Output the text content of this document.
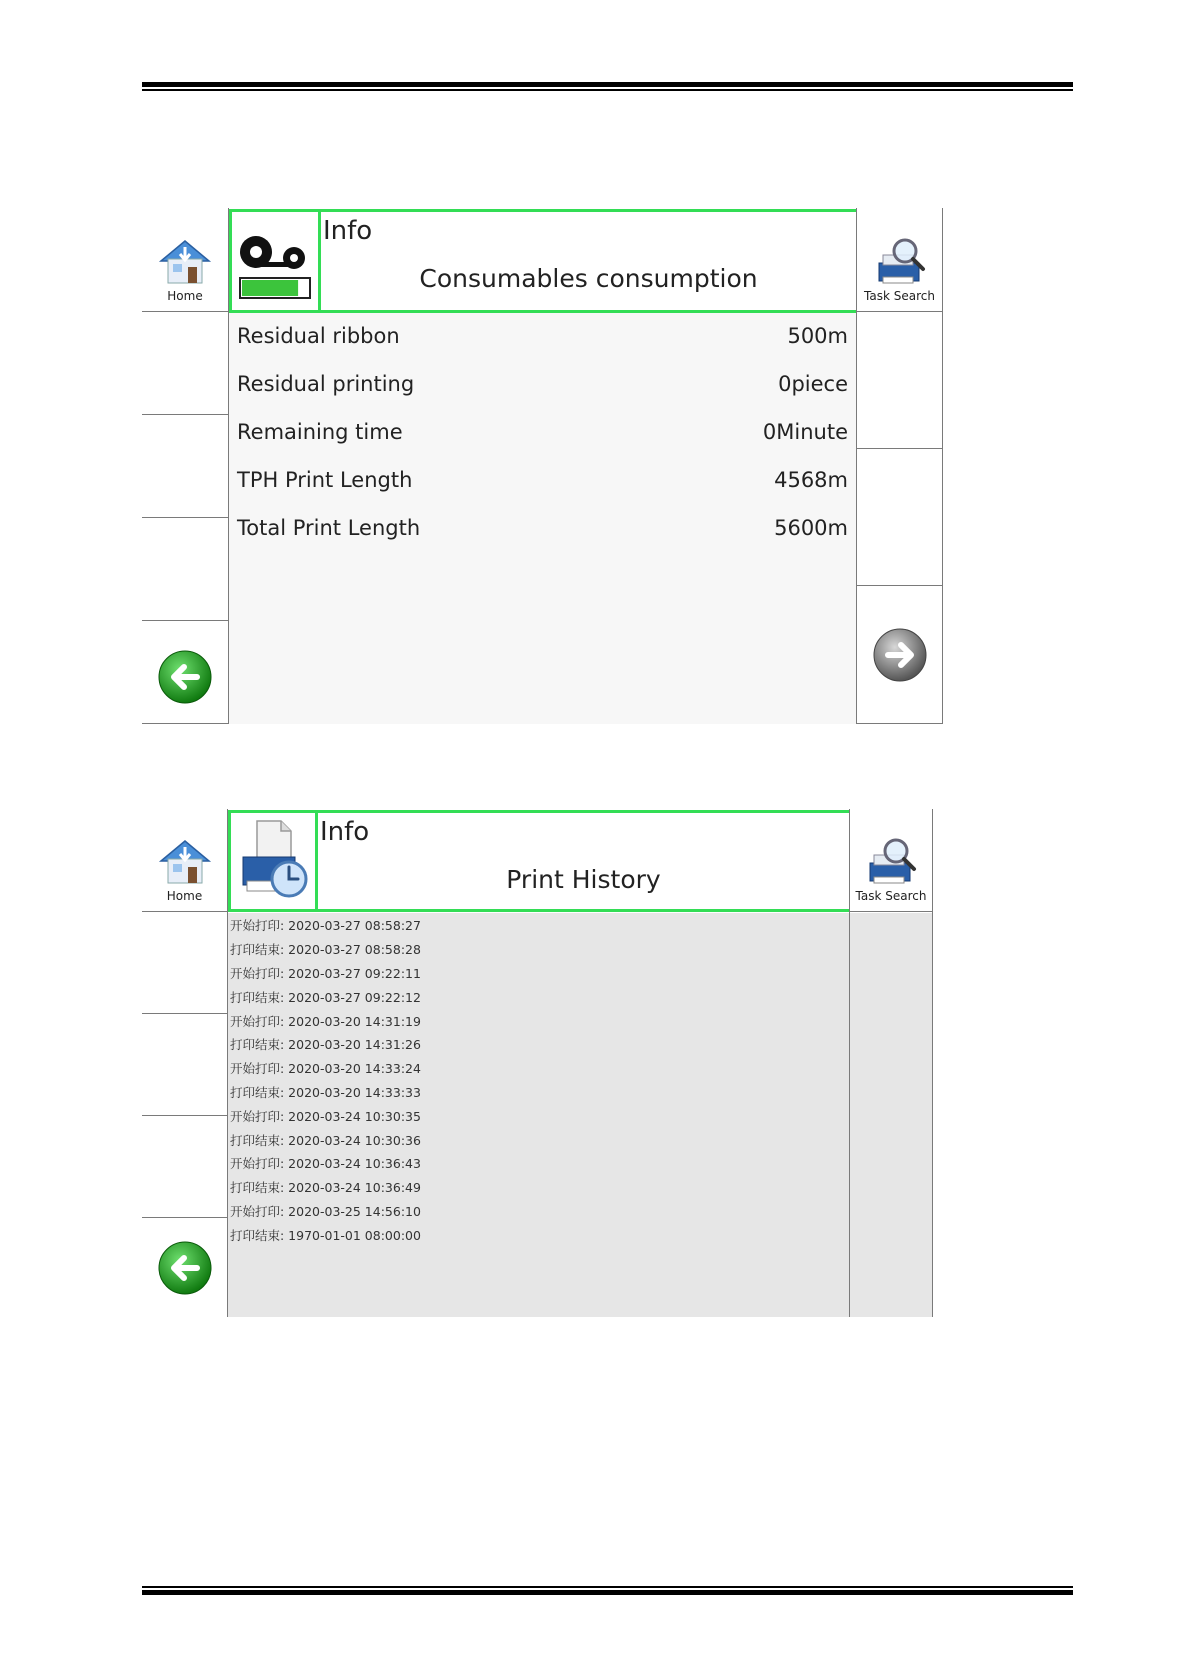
Home
Info
Consumables consumption
Task Search
Residual ribbon	500m
Residual printing	0piece
Remaining time	0Minute
TPH Print Length	4568m
Total Print Length	5600m
Home
Info
Print History
Task Search
开始打印: 2020-03-27 08:58:27
打印结束: 2020-03-27 08:58:28
开始打印: 2020-03-27 09:22:11
打印结束: 2020-03-27 09:22:12
开始打印: 2020-03-20 14:31:19
打印结束: 2020-03-20 14:31:26
开始打印: 2020-03-20 14:33:24
打印结束: 2020-03-20 14:33:33
开始打印: 2020-03-24 10:30:35
打印结束: 2020-03-24 10:30:36
开始打印: 2020-03-24 10:36:43
打印结束: 2020-03-24 10:36:49
开始打印: 2020-03-25 14:56:10
打印结束: 1970-01-01 08:00:00
